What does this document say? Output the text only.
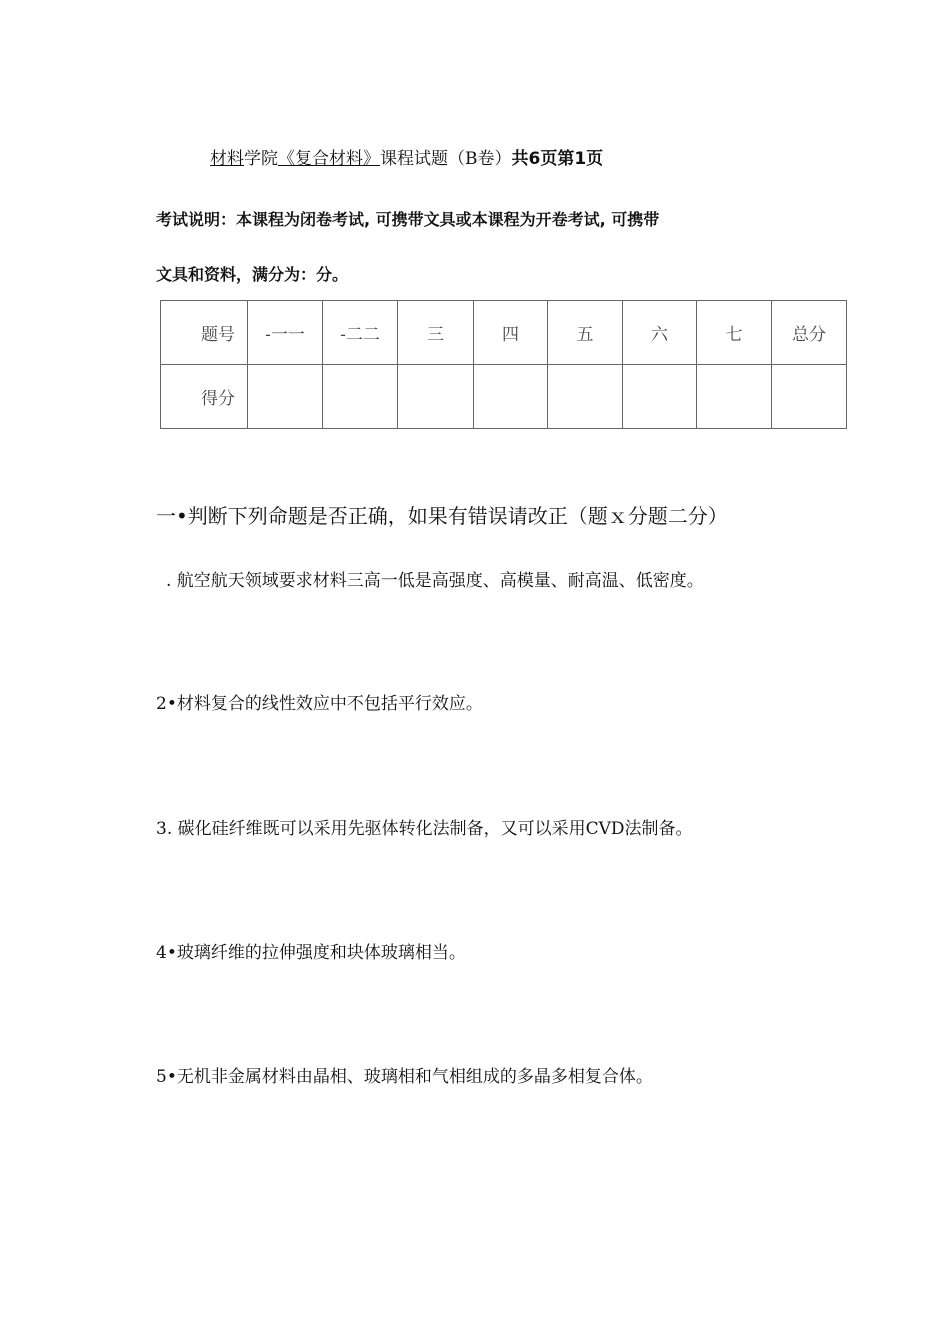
材料学院《复合材料》课程试题（B卷）共6页第1页
考试说明：本课程为闭卷考试, 可携带文具或本课程为开卷考试, 可携带
文具和资料，满分为：分。
题号	-一一	-二二	三	四	五	六	七	总分
得分								
一•判断下列命题是否正确，如果有错误请改正（题ｘ分题二分）
. 航空航天领域要求材料三高一低是高强度、高模量、耐高温、低密度。
2•材料复合的线性效应中不包括平行效应。
3. 碳化硅纤维既可以采用先驱体转化法制备，又可以采用CVD法制备。
4•玻璃纤维的拉伸强度和块体玻璃相当。
5•无机非金属材料由晶相、玻璃相和气相组成的多晶多相复合体。
